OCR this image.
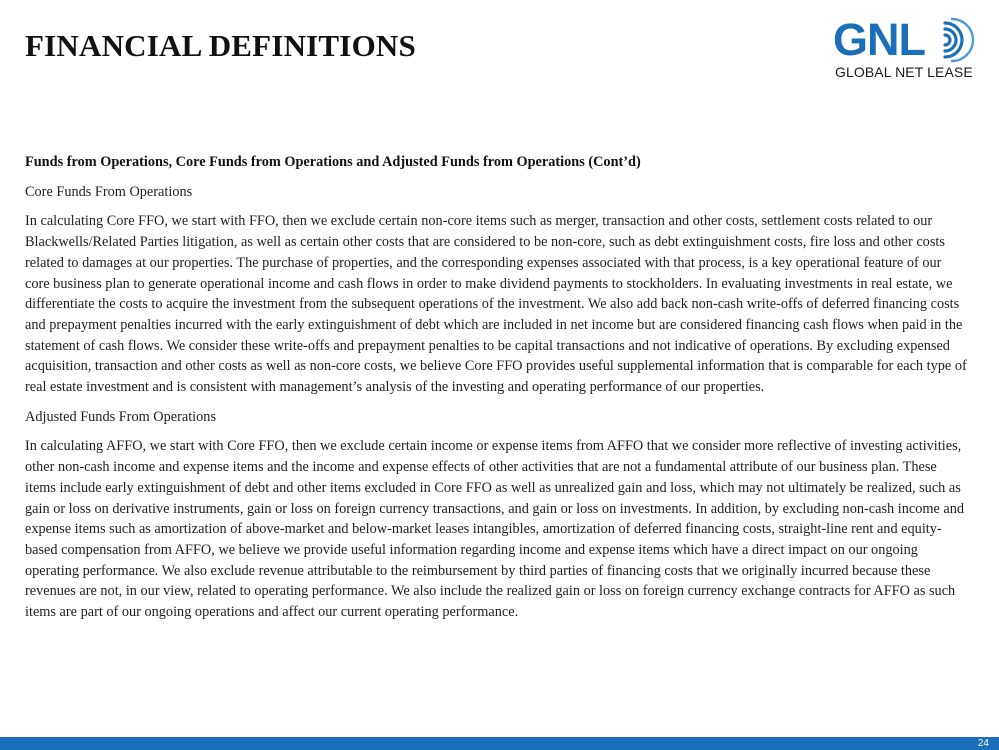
FINANCIAL DEFINITIONS	GNL
GLOBAL NET LEASE

Funds from Operations, Core Funds from Operations and Adjusted Funds from Operations (Cont’d)

Core Funds From Operations

In calculating Core FFO, we start with FFO, then we exclude certain non-core items such as merger, transaction and other costs, settlement costs related to our Blackwells/Related Parties litigation, as well as certain other costs that are considered to be non-core, such as debt extinguishment costs, fire loss and other costs related to damages at our properties. The purchase of properties, and the corresponding expenses associated with that process, is a key operational feature of our core business plan to generate operational income and cash flows in order to make dividend payments to stockholders. In evaluating investments in real estate, we differentiate the costs to acquire the investment from the subsequent operations of the investment. We also add back non-cash write-offs of deferred financing costs and prepayment penalties incurred with the early extinguishment of debt which are included in net income but are considered financing cash flows when paid in the statement of cash flows. We consider these write-offs and prepayment penalties to be capital transactions and not indicative of operations. By excluding expensed acquisition, transaction and other costs as well as non-core costs, we believe Core FFO provides useful supplemental information that is comparable for each type of real estate investment and is consistent with management’s analysis of the investing and operating performance of our properties.

Adjusted Funds From Operations

In calculating AFFO, we start with Core FFO, then we exclude certain income or expense items from AFFO that we consider more reflective of investing activities, other non-cash income and expense items and the income and expense effects of other activities that are not a fundamental attribute of our business plan. These items include early extinguishment of debt and other items excluded in Core FFO as well as unrealized gain and loss, which may not ultimately be realized, such as gain or loss on derivative instruments, gain or loss on foreign currency transactions, and gain or loss on investments. In addition, by excluding non-cash income and expense items such as amortization of above-market and below-market leases intangibles, amortization of deferred financing costs, straight-line rent and equity-based compensation from AFFO, we believe we provide useful information regarding income and expense items which have a direct impact on our ongoing operating performance. We also exclude revenue attributable to the reimbursement by third parties of financing costs that we originally incurred because these revenues are not, in our view, related to operating performance. We also include the realized gain or loss on foreign currency exchange contracts for AFFO as such items are part of our ongoing operations and affect our current operating performance.

24
